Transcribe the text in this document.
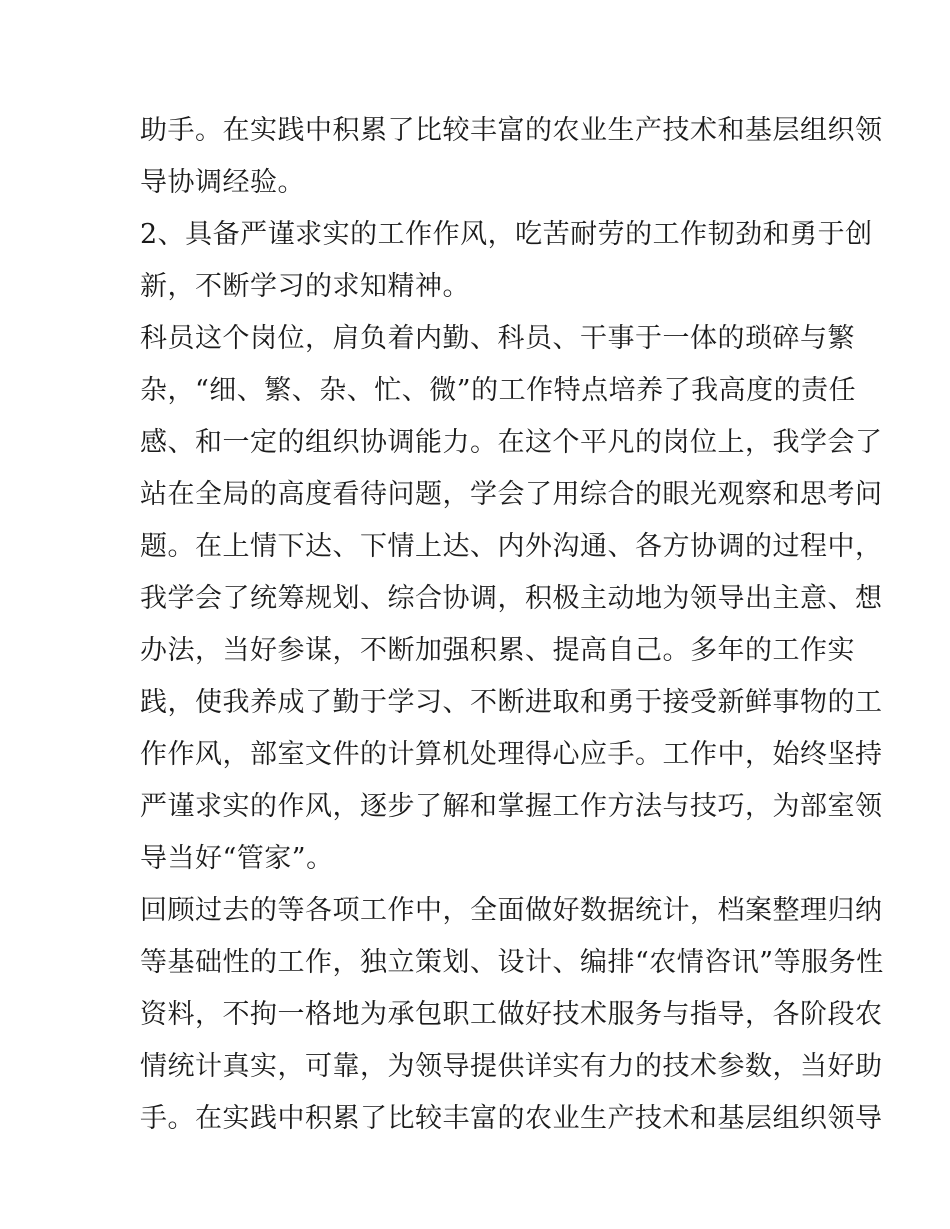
助手。在实践中积累了比较丰富的农业生产技术和基层组织领
导协调经验。
2、具备严谨求实的工作作风，吃苦耐劳的工作韧劲和勇于创
新，不断学习的求知精神。
科员这个岗位，肩负着内勤、科员、干事于一体的琐碎与繁
杂，“细、繁、杂、忙、微”的工作特点培养了我高度的责任
感、和一定的组织协调能力。在这个平凡的岗位上，我学会了
站在全局的高度看待问题，学会了用综合的眼光观察和思考问
题。在上情下达、下情上达、内外沟通、各方协调的过程中，
我学会了统筹规划、综合协调，积极主动地为领导出主意、想
办法，当好参谋，不断加强积累、提高自己。多年的工作实
践，使我养成了勤于学习、不断进取和勇于接受新鲜事物的工
作作风，部室文件的计算机处理得心应手。工作中，始终坚持
严谨求实的作风，逐步了解和掌握工作方法与技巧，为部室领
导当好“管家”。
回顾过去的等各项工作中，全面做好数据统计，档案整理归纳
等基础性的工作，独立策划、设计、编排“农情咨讯”等服务性
资料，不拘一格地为承包职工做好技术服务与指导，各阶段农
情统计真实，可靠，为领导提供详实有力的技术参数，当好助
手。在实践中积累了比较丰富的农业生产技术和基层组织领导
